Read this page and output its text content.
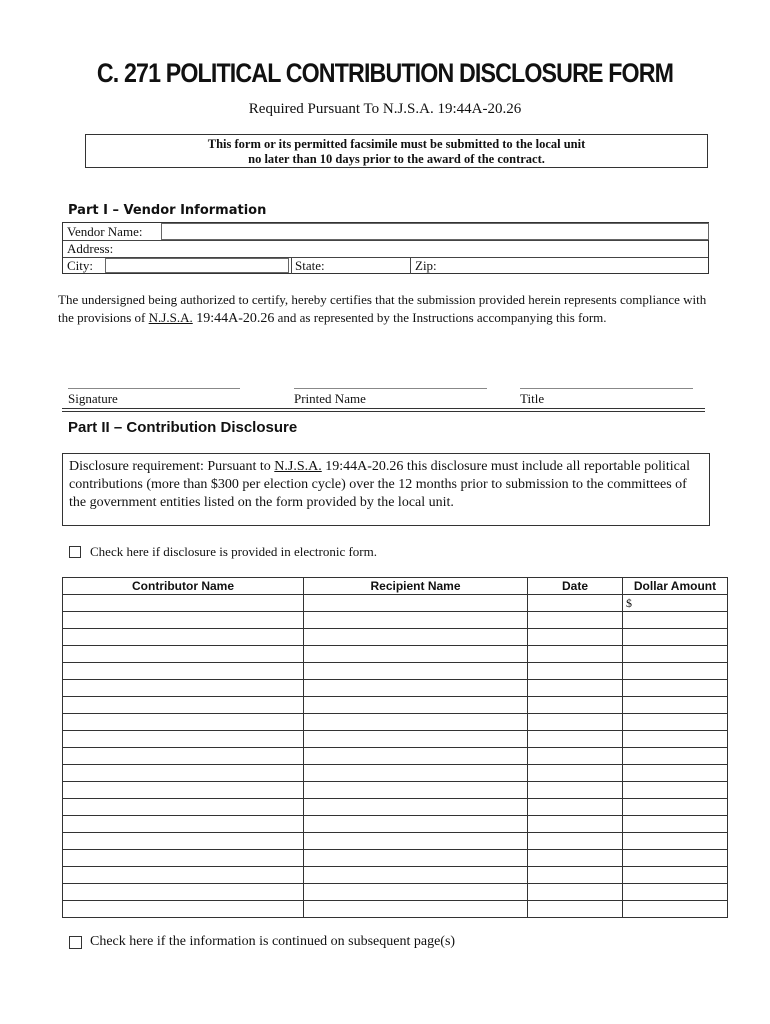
C. 271 POLITICAL CONTRIBUTION DISCLOSURE FORM
Required Pursuant To N.J.S.A. 19:44A-20.26
This form or its permitted facsimile must be submitted to the local unit
no later than 10 days prior to the award of the contract.
Part I – Vendor Information
Vendor Name:
Address:
City:	State:	Zip:
The undersigned being authorized to certify, hereby certifies that the submission provided herein represents compliance with the provisions of N.J.S.A. 19:44A-20.26 and as represented by the Instructions accompanying this form.
Signature	Printed Name	Title
Part II – Contribution Disclosure
Disclosure requirement: Pursuant to N.J.S.A. 19:44A-20.26 this disclosure must include all reportable political contributions (more than $300 per election cycle) over the 12 months prior to submission to the committees of the government entities listed on the form provided by the local unit.
Check here if disclosure is provided in electronic form.
Contributor Name	Recipient Name	Date	Dollar Amount
			$

Check here if the information is continued on subsequent page(s)
